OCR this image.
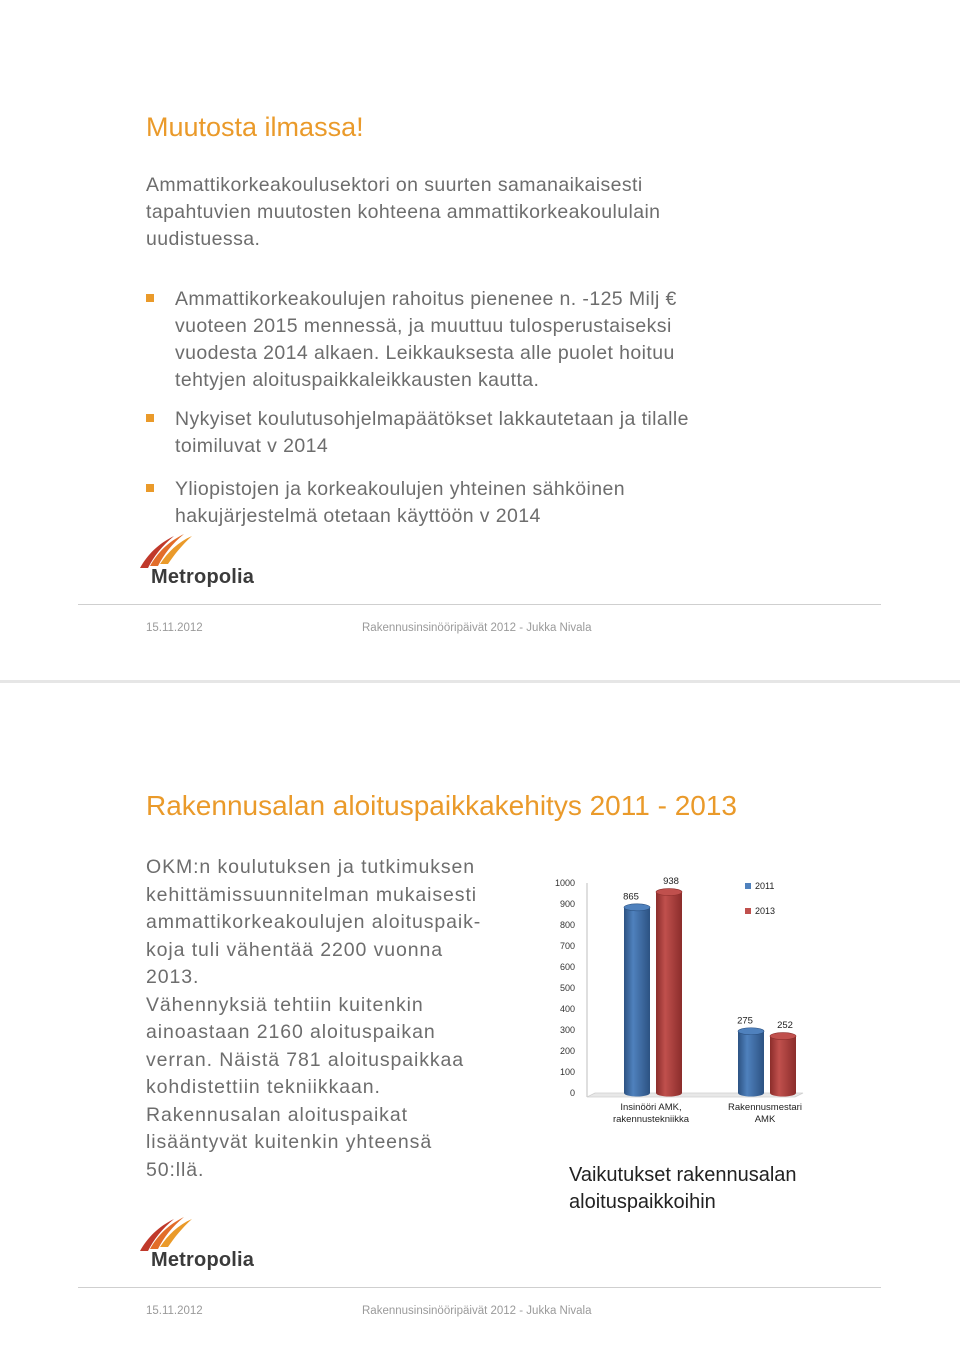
Muutosta ilmassa!
Ammattikorkeakoulusektori on suurten samanaikaisesti
tapahtuvien muutosten kohteena ammattikorkeakoululain
uudistuessa.
Ammattikorkeakoulujen rahoitus pienenee n. -125 Milj €
vuoteen 2015 mennessä, ja muuttuu tulosperustaiseksi
vuodesta 2014 alkaen. Leikkauksesta alle puolet hoituu
tehtyjen aloituspaikkaleikkausten kautta.
Nykyiset koulutusohjelmapäätökset lakkautetaan ja tilalle
toimiluvat v 2014
Yliopistojen ja korkeakoulujen yhteinen sähköinen
hakujärjestelmä otetaan käyttöön v 2014
Metropolia
15.11.2012	Rakennusinsinööripäivät 2012 - Jukka Nivala
Rakennusalan aloituspaikkakehitys 2011 - 2013
OKM:n koulutuksen ja tutkimuksen
kehittämissuunnitelman mukaisesti
ammattikorkeakoulujen aloituspaik-
koja tuli vähentää 2200 vuonna
2013.
Vähennyksiä tehtiin kuitenkin
ainoastaan 2160 aloituspaikan
verran. Näistä 781 aloituspaikkaa
kohdistettiin tekniikkaan.
Rakennusalan aloituspaikat
lisääntyvät kuitenkin yhteensä
50:llä.
0
100
200
300
400
500
600
700
800
900
1000
865
275
938
252
Insinööri AMK,
rakennustekniikka
Rakennusmestari
AMK
2011
2013
Vaikutukset rakennusalan
aloituspaikkoihin
Metropolia
15.11.2012	Rakennusinsinööripäivät 2012 - Jukka Nivala
